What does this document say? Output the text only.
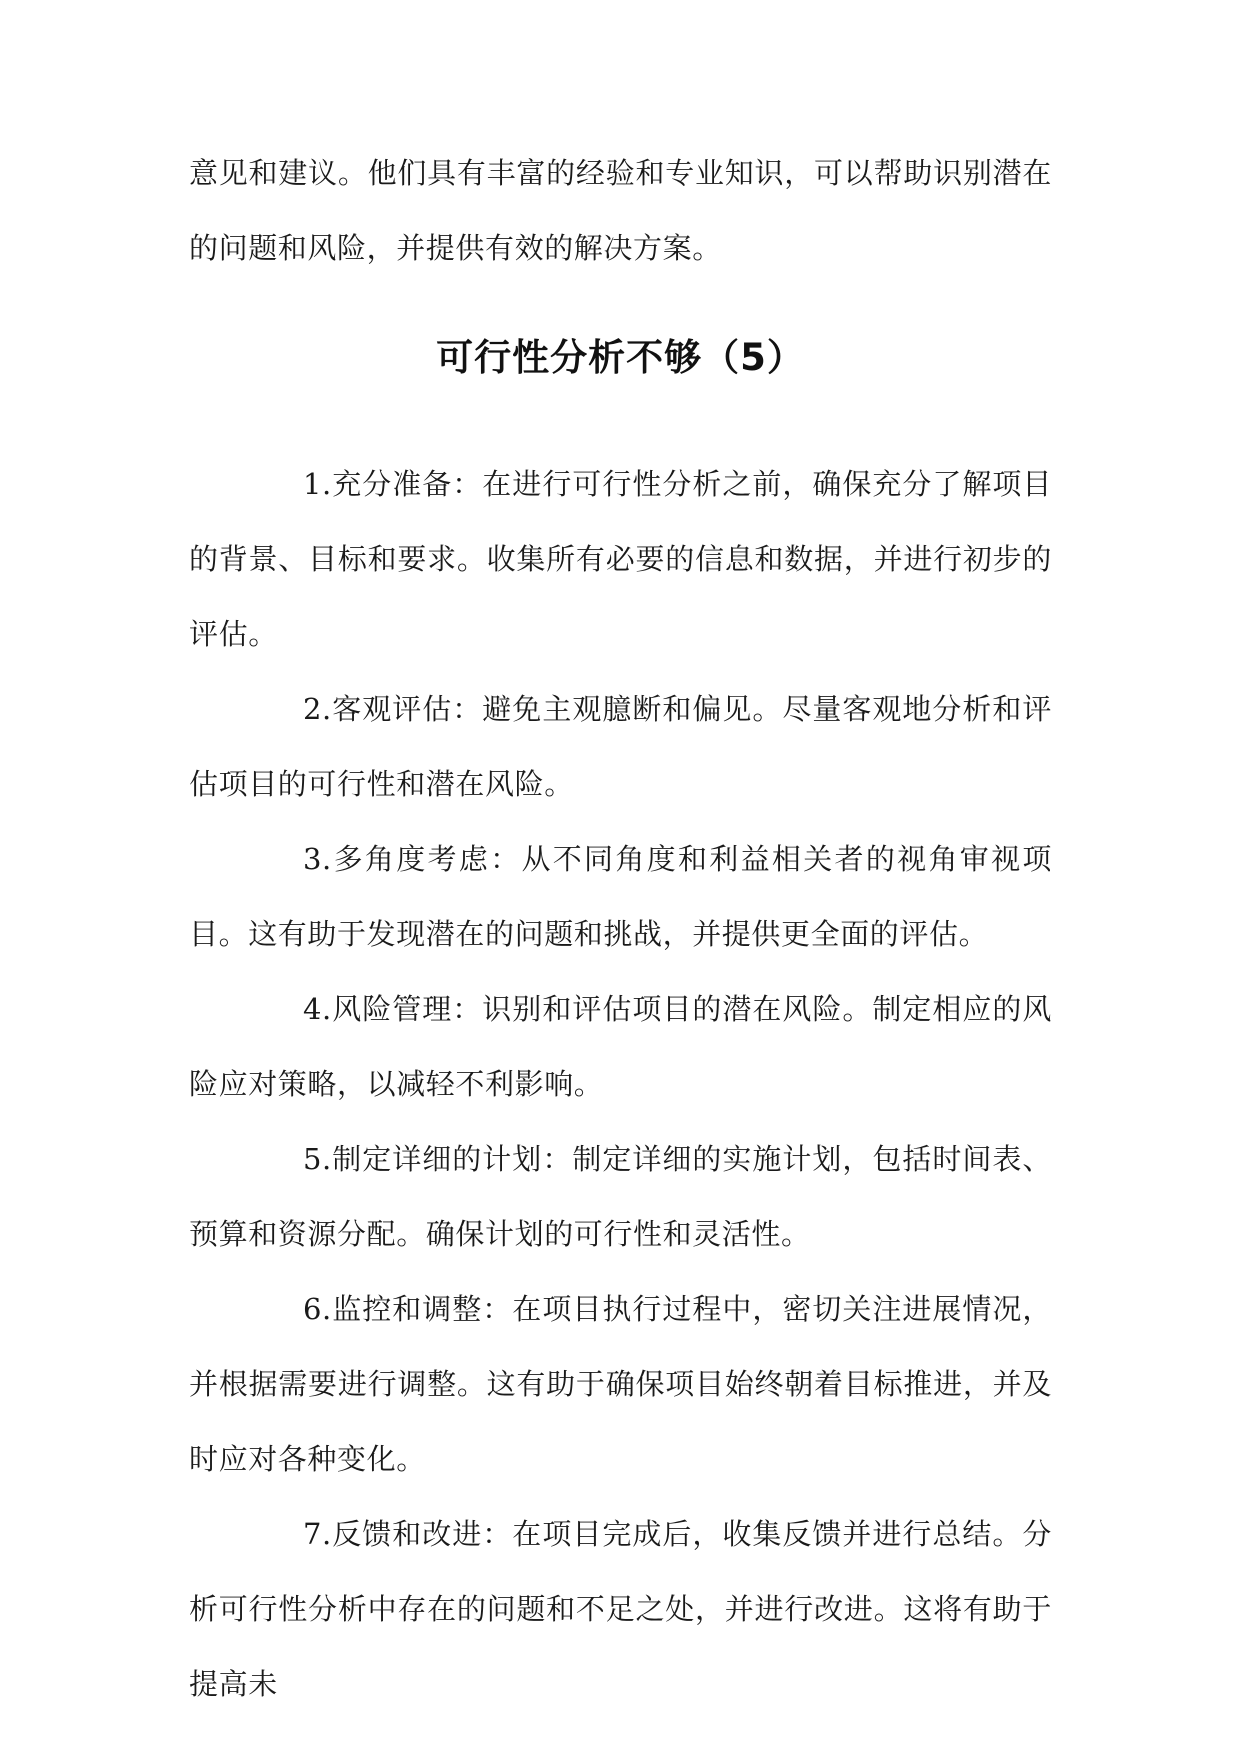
意见和建议。他们具有丰富的经验和专业知识，可以帮助识别潜在的问题和风险，并提供有效的解决方案。

可行性分析不够（5）

1.充分准备：在进行可行性分析之前，确保充分了解项目的背景、目标和要求。收集所有必要的信息和数据，并进行初步的评估。

2.客观评估：避免主观臆断和偏见。尽量客观地分析和评估项目的可行性和潜在风险。

3.多角度考虑：从不同角度和利益相关者的视角审视项目。这有助于发现潜在的问题和挑战，并提供更全面的评估。

4.风险管理：识别和评估项目的潜在风险。制定相应的风险应对策略，以减轻不利影响。

5.制定详细的计划：制定详细的实施计划，包括时间表、预算和资源分配。确保计划的可行性和灵活性。

6.监控和调整：在项目执行过程中，密切关注进展情况，并根据需要进行调整。这有助于确保项目始终朝着目标推进，并及时应对各种变化。

7.反馈和改进：在项目完成后，收集反馈并进行总结。分析可行性分析中存在的问题和不足之处，并进行改进。这将有助于提高未
